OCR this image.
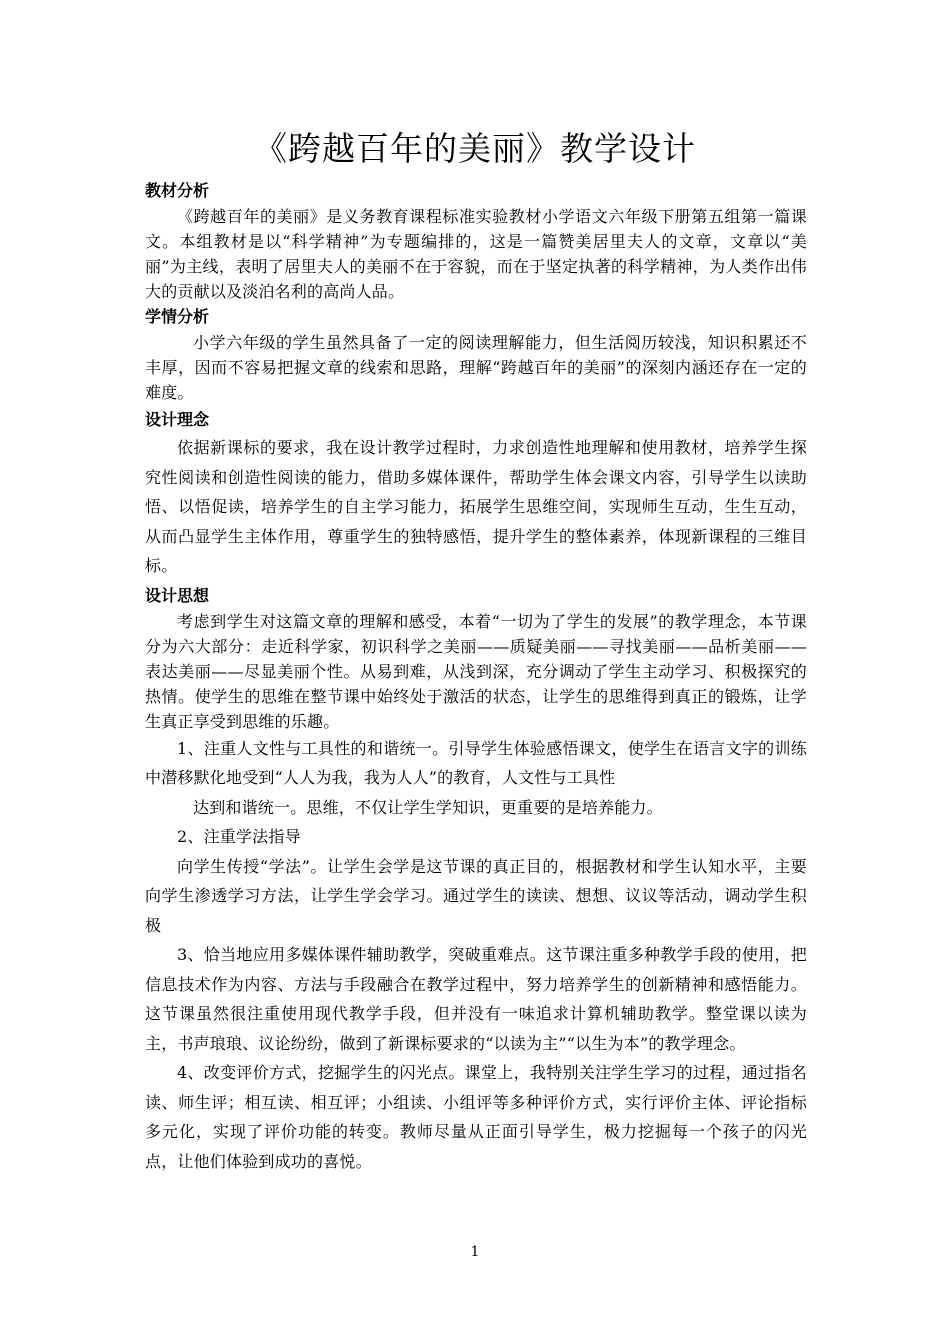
《跨越百年的美丽》教学设计
教材分析

《跨越百年的美丽》是义务教育课程标准实验教材小学语文六年级下册第五组第一篇课文。本组教材是以“科学精神”为专题编排的，这是一篇赞美居里夫人的文章，文章以“美丽”为主线，表明了居里夫人的美丽不在于容貌，而在于坚定执著的科学精神，为人类作出伟大的贡献以及淡泊名利的高尚人品。

学情分析

小学六年级的学生虽然具备了一定的阅读理解能力，但生活阅历较浅，知识积累还不丰厚，因而不容易把握文章的线索和思路，理解“跨越百年的美丽”的深刻内涵还存在一定的难度。

设计理念

依据新课标的要求，我在设计教学过程时，力求创造性地理解和使用教材，培养学生探究性阅读和创造性阅读的能力，借助多媒体课件，帮助学生体会课文内容，引导学生以读助悟、以悟促读，培养学生的自主学习能力，拓展学生思维空间，实现师生互动，生生互动，从而凸显学生主体作用，尊重学生的独特感悟，提升学生的整体素养，体现新课程的三维目标。

设计思想

考虑到学生对这篇文章的理解和感受，本着“一切为了学生的发展”的教学理念，本节课分为六大部分：走近科学家，初识科学之美丽——质疑美丽——寻找美丽——品析美丽——表达美丽——尽显美丽个性。从易到难，从浅到深，充分调动了学生主动学习、积极探究的热情。使学生的思维在整节课中始终处于激活的状态，让学生的思维得到真正的锻炼，让学生真正享受到思维的乐趣。

1、注重人文性与工具性的和谐统一。引导学生体验感悟课文，使学生在语言文字的训练中潜移默化地受到“人人为我，我为人人”的教育，人文性与工具性

达到和谐统一。思维，不仅让学生学知识，更重要的是培养能力。

2、注重学法指导

向学生传授“学法”。让学生会学是这节课的真正目的，根据教材和学生认知水平，主要向学生渗透学习方法，让学生学会学习。通过学生的读读、想想、议议等活动，调动学生积极

3、恰当地应用多媒体课件辅助教学，突破重难点。这节课注重多种教学手段的使用，把信息技术作为内容、方法与手段融合在教学过程中，努力培养学生的创新精神和感悟能力。这节课虽然很注重使用现代教学手段，但并没有一味追求计算机辅助教学。整堂课以读为主，书声琅琅、议论纷纷，做到了新课标要求的“以读为主”“以生为本”的教学理念。

4、改变评价方式，挖掘学生的闪光点。课堂上，我特别关注学生学习的过程，通过指名读、师生评；相互读、相互评；小组读、小组评等多种评价方式，实行评价主体、评论指标多元化，实现了评价功能的转变。教师尽量从正面引导学生，极力挖掘每一个孩子的闪光点，让他们体验到成功的喜悦。

1
